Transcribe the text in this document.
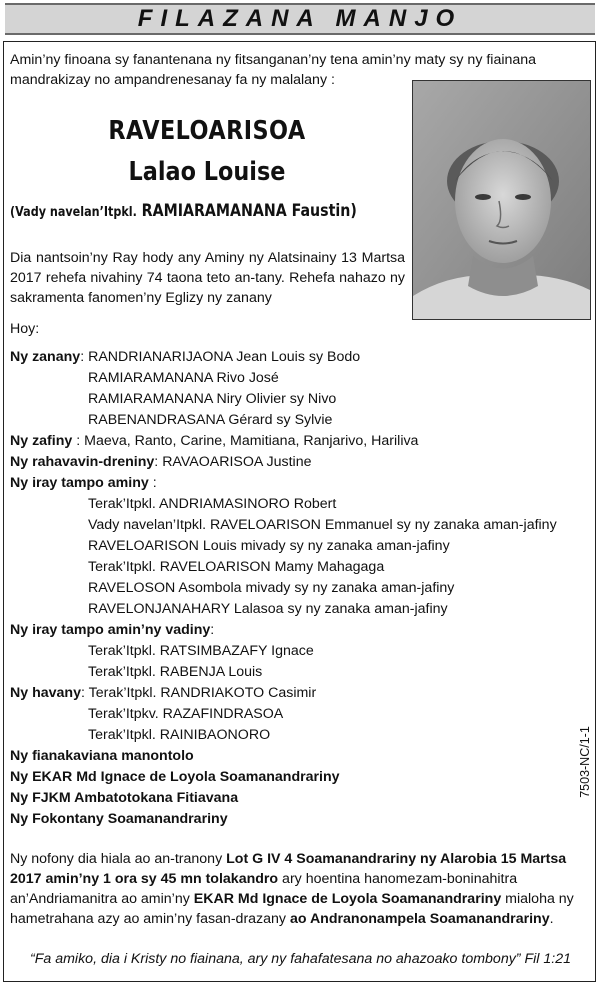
FILAZANA MANJO
Amin’ny finoana sy fanantenana ny fitsanganan’ny tena amin’ny maty sy ny fiainana
mandrakizay no ampandrenesanay fa ny malalany :
RAVELOARISOA
Lalao Louise
(Vady navelan’Itpkl. RAMIARAMANANA Faustin)
Dia nantsoin’ny Ray hody any Aminy ny Alatsinainy 13 Martsa
2017 rehefa nivahiny 74 taona teto an-tany. Rehefa nahazo ny
sakramenta fanomen’ny Eglizy ny zanany
Hoy:
Ny zanany: RANDRIANARIJAONA Jean Louis sy Bodo
RAMIARAMANANA Rivo José
RAMIARAMANANA Niry Olivier sy Nivo
RABENANDRASANA Gérard sy Sylvie
Ny zafiny : Maeva, Ranto, Carine, Mamitiana, Ranjarivo, Hariliva
Ny rahavavin-dreniny: RAVAOARISOA Justine
Ny iray tampo aminy :
Terak’Itpkl. ANDRIAMASINORO Robert
Vady navelan’Itpkl. RAVELOARISON Emmanuel sy ny zanaka aman-jafiny
RAVELOARISON Louis mivady sy ny zanaka aman-jafiny
Terak’Itpkl. RAVELOARISON Mamy Mahagaga
RAVELOSON Asombola mivady sy ny zanaka aman-jafiny
RAVELONJANAHARY Lalasoa sy ny zanaka aman-jafiny
Ny iray tampo amin’ny vadiny:
Terak’Itpkl. RATSIMBAZAFY Ignace
Terak’Itpkl. RABENJA Louis
Ny havany: Terak’Itpkl. RANDRIAKOTO Casimir
Terak’Itpkv. RAZAFINDRASOA
Terak’Itpkl. RAINIBAONORO
Ny fianakaviana manontolo
Ny EKAR Md Ignace de Loyola Soamanandrariny
Ny FJKM Ambatotokana Fitiavana
Ny Fokontany Soamanandrariny
7503-NC/1-1
Ny nofony dia hiala ao an-tranony Lot G IV 4 Soamanandrariny ny Alarobia 15 Martsa
2017 amin’ny 1 ora sy 45 mn tolakandro ary hoentina hanomezam-boninahitra
an’Andriamanitra ao amin’ny EKAR Md Ignace de Loyola Soamanandrariny mialoha ny
hametrahana azy ao amin’ny fasan-drazany ao Andranonampela Soamanandrariny.
“Fa amiko, dia i Kristy no fiainana, ary ny fahafatesana no ahazoako tombony” Fil 1:21
